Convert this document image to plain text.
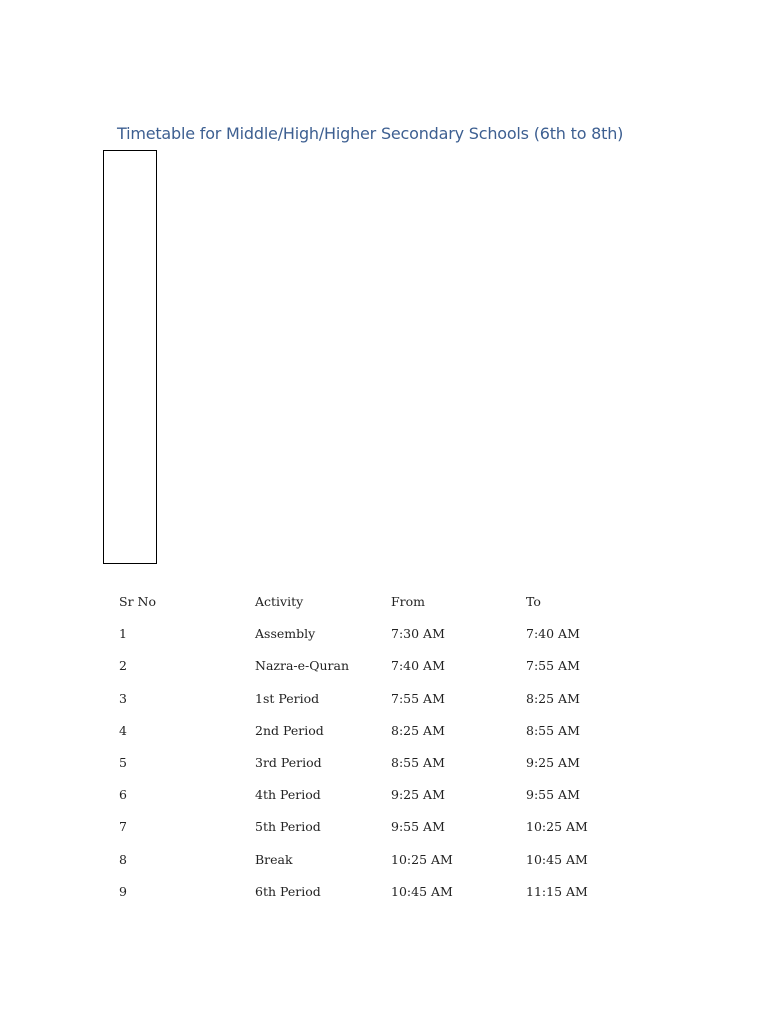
Timetable for Middle/High/Higher Secondary Schools (6th to 8th)
Sr No	Activity	From	To
1	Assembly	7:30 AM	7:40 AM
2	Nazra-e-Quran	7:40 AM	7:55 AM
3	1st Period	7:55 AM	8:25 AM
4	2nd Period	8:25 AM	8:55 AM
5	3rd Period	8:55 AM	9:25 AM
6	4th Period	9:25 AM	9:55 AM
7	5th Period	9:55 AM	10:25 AM
8	Break	10:25 AM	10:45 AM
9	6th Period	10:45 AM	11:15 AM
